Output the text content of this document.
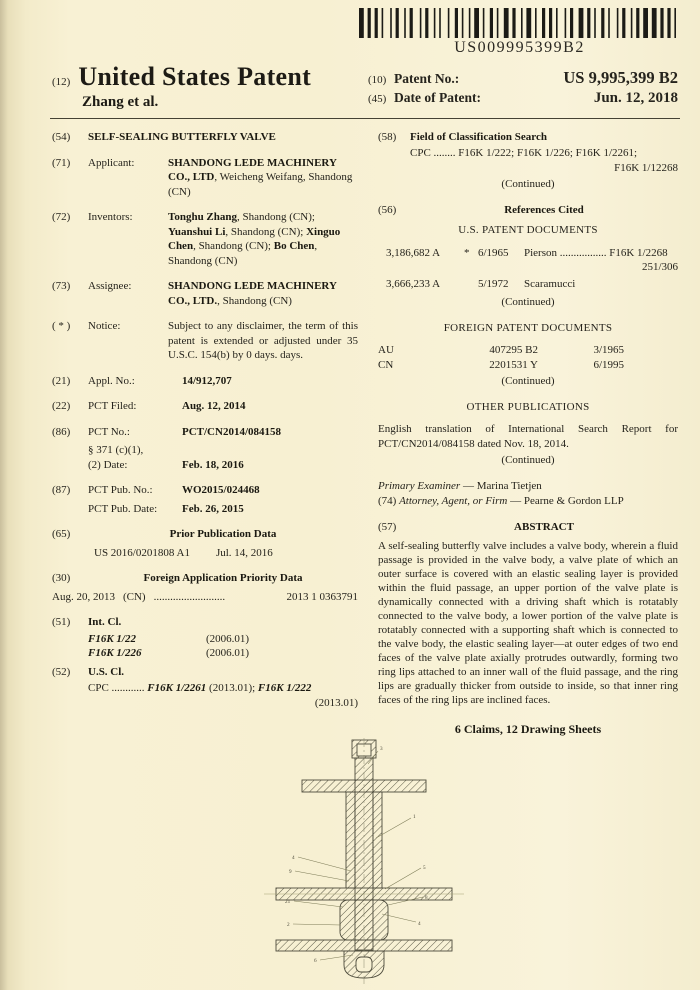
US009995399B2
(12) United States Patent
Zhang et al.
(10) Patent No.:	US 9,995,399 B2
(45) Date of Patent:	Jun. 12, 2018
(54)	SELF-SEALING BUTTERFLY VALVE
(71)	Applicant:	SHANDONG LEDE MACHINERY CO., LTD, Weicheng Weifang, Shandong (CN)
(72)	Inventors:	Tonghu Zhang, Shandong (CN); Yuanshui Li, Shandong (CN); Xinguo Chen, Shandong (CN); Bo Chen, Shandong (CN)
(73)	Assignee:	SHANDONG LEDE MACHINERY CO., LTD., Shandong (CN)
( * )	Notice:	Subject to any disclaimer, the term of this patent is extended or adjusted under 35 U.S.C. 154(b) by 0 days. days.
(21)	Appl. No.:	14/912,707
(22)	PCT Filed:	Aug. 12, 2014
(86)	PCT No.:	PCT/CN2014/084158
§ 371 (c)(1),
(2) Date:	Feb. 18, 2016
(87)	PCT Pub. No.:	WO2015/024468
PCT Pub. Date:	Feb. 26, 2015
(65)	Prior Publication Data
US 2016/0201808 A1 Jul. 14, 2016
(30)	Foreign Application Priority Data
Aug. 20, 2013 (CN) ..........................	2013 1 0363791
(51)	Int. Cl.
F16K 1/22	(2006.01)
F16K 1/226	(2006.01)
(52)	U.S. Cl.
CPC ............ F16K 1/2261 (2013.01); F16K 1/222
(2013.01)
(58)	Field of Classification Search
CPC ........ F16K 1/222; F16K 1/226; F16K 1/2261;
F16K 1/12268
(Continued)
(56)	References Cited
U.S. PATENT DOCUMENTS
3,186,682 A	* 6/1965	Pierson ................. F16K 1/2268
251/306
3,666,233 A	5/1972	Scaramucci
(Continued)
FOREIGN PATENT DOCUMENTS
AU	407295 B2	3/1965
CN	2201531 Y	6/1995
(Continued)
OTHER PUBLICATIONS
English translation of International Search Report for PCT/CN2014/084158 dated Nov. 18, 2014.
(Continued)
Primary Examiner — Marina Tietjen
(74) Attorney, Agent, or Firm — Pearne & Gordon LLP
(57)	ABSTRACT
A self-sealing butterfly valve includes a valve body, wherein a fluid passage is provided in the valve body, a valve plate of which an outer surface is covered with an elastic sealing layer is provided within the fluid passage, an upper portion of the valve plate is dynamically connected with a driving shaft which is rotatably connected to the valve body, a lower portion of the valve plate is rotatably connected with a supporting shaft which is connected to the valve body, the elastic sealing layer—at outer edges of two end faces of the valve plate axially protrudes outwardly, forming two ring lips attached to an inner wall of the fluid passage, and the ring lips are gradually thicker from outside to inside, so that inner ring faces of the ring lips are inclined faces.
6 Claims, 12 Drawing Sheets
3
1
5
8
4
4
9
21
2
6
